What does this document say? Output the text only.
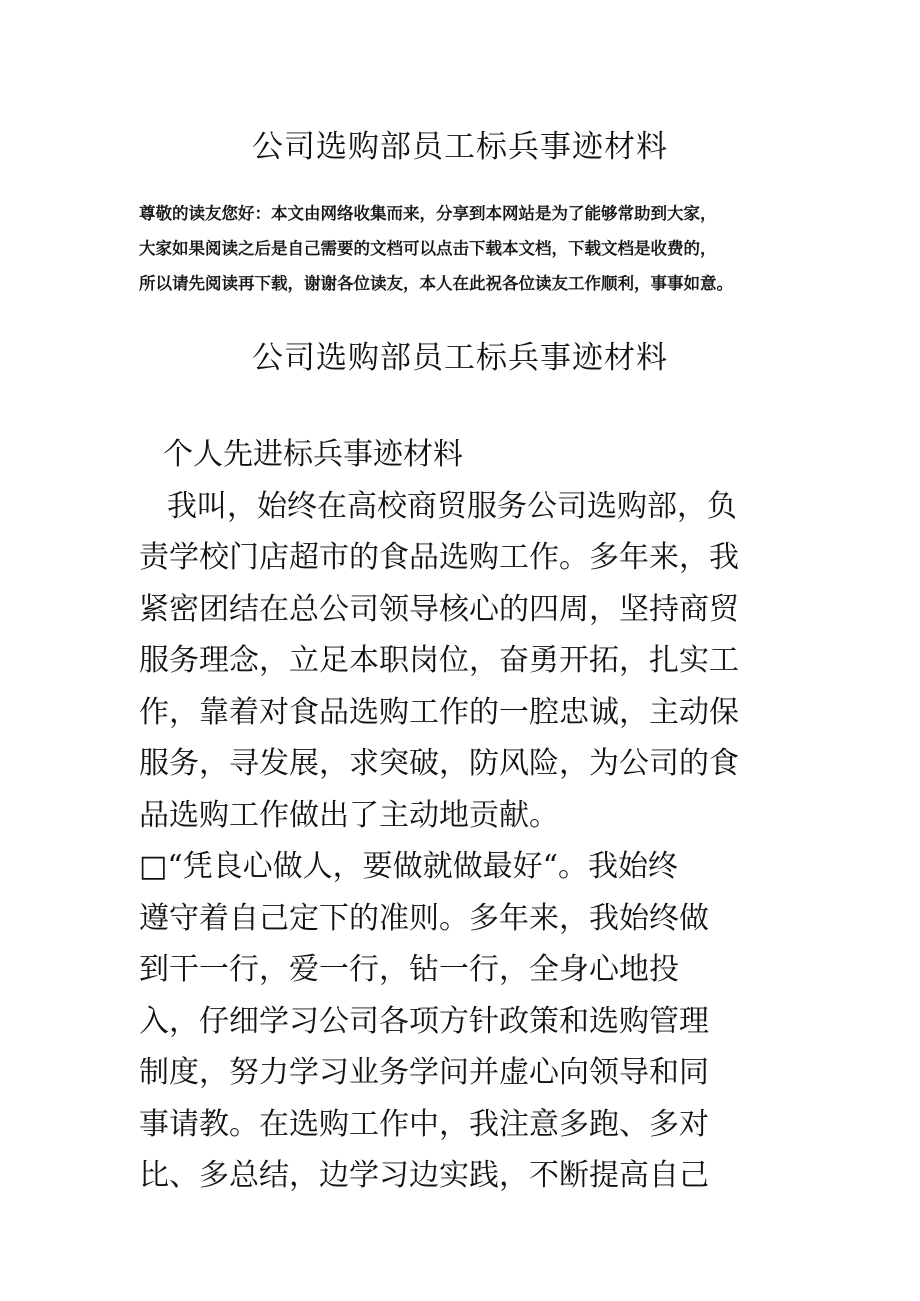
公司选购部员工标兵事迹材料
尊敬的读友您好：本文由网络收集而来，分享到本网站是为了能够常助到大家，
大家如果阅读之后是自己需要的文档可以点击下载本文档，下载文档是收费的，
所以请先阅读再下载，谢谢各位读友，本人在此祝各位读友工作顺利，事事如意。
公司选购部员工标兵事迹材料
个人先进标兵事迹材料
我叫，始终在高校商贸服务公司选购部，负
责学校门店超市的食品选购工作。多年来，我
紧密团结在总公司领导核心的四周，坚持商贸
服务理念，立足本职岗位，奋勇开拓，扎实工
作，靠着对食品选购工作的一腔忠诚，主动保
服务，寻发展，求突破，防风险，为公司的食
品选购工作做出了主动地贡献。
□“凭良心做人，要做就做最好“。我始终
遵守着自己定下的准则。多年来，我始终做
到干一行，爱一行，钻一行，全身心地投
入，仔细学习公司各项方针政策和选购管理
制度，努力学习业务学问并虚心向领导和同
事请教。在选购工作中，我注意多跑、多对
比、多总结，边学习边实践，不断提高自己
